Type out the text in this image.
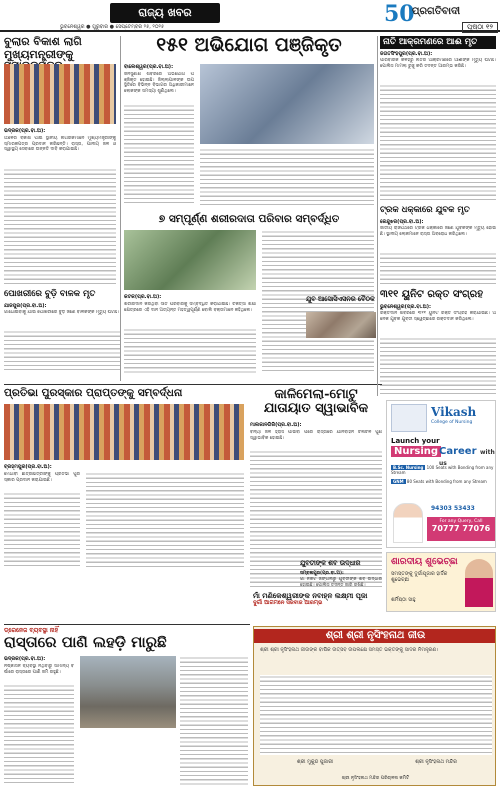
ରାଜ୍ୟ ଖବର
ଭୁବନେଶ୍ୱର ● ଗୁରୁବାର ● ସେପ୍ଟେମ୍ବର ୨୫, ୨୦୨୫	50
ପ୍ରଗତିବାଦୀ
ପୃଷ୍ଠା ୧୨
ବୁଲାର ବିକାଶ ଲାଗି
ମୁଖ୍ୟମନ୍ତ୍ରୀଙ୍କୁ
ଭଦ୍ରକ(ପ୍ର.ବା.ଅ):
ଅଞ୍ଚଳର ବିକାଶ ପାଇଁ ସ୍ଥାନୀୟ ନାଗରିକମାନେ ମୁଖ୍ୟମନ୍ତ୍ରୀଙ୍କୁ ସ୍ମାରକପତ୍ର ପ୍ରଦାନ କରିଛନ୍ତି। ରାସ୍ତା, ପାନୀୟ ଜଳ ଓ ସ୍ୱାସ୍ଥ୍ୟ ସେବାରେ ଉନ୍ନତି ଦାବି କରାଯାଇଛି।
୧୫୧ ଅଭିଯୋଗ ପଞ୍ଜିକୃତ
ବାଲେଶ୍ୱର(ପ୍ର.ବା.ଅ):
ଜନସୁଣାଣି ଶିବିରରେ ଅଭିଯୋଗ ପଞ୍ଜିକୃତ ହୋଇଛି। ଜିଲ୍ଲାପାଳଙ୍କ ଉପସ୍ଥିତିରେ ବିଭିନ୍ନ ବିଭାଗର ଅଧିକାରୀମାନେ ଲୋକଙ୍କ ସମସ୍ୟା ଶୁଣିଥିଲେ।
ନାତି ଆକ୍ରମଣରେ ଆଈ ମୃତ
ଜଗତସିଂହପୁର(ପ୍ର.ବା.ଅ):
ପାରିବାରିକ କଳହରୁ ନାତିର ଆକ୍ରମଣରେ ଆଈଙ୍କ ମୃତ୍ୟୁ ଘଟିଛି। ପୋଲିସ ମାମଲା ରୁଜୁ କରି ତଦନ୍ତ ଆରମ୍ଭ କରିଛି।
୭ ସମ୍ପୂର୍ଣ୍ଣ ଶରୀରଦାତା ପରିବାର ସମ୍ବର୍ଦ୍ଧିତ
କଟକ(ପ୍ର.ବା.ଅ):
ଶରୀରଦାନ କରିଥିବା ସାତ ପରିବାରକୁ ସମ୍ବର୍ଦ୍ଧିତ କରାଯାଇଛି। ଚିକିତ୍ସା ଶିକ୍ଷା କ୍ଷେତ୍ରରେ ଏହି ଦାନ ଅତ୍ୟନ୍ତ ମହତ୍ୱପୂର୍ଣ୍ଣ ବୋଲି ବକ୍ତାମାନେ କହିଥିଲେ।
ଟ୍ରକ ଧକ୍କାରେ ଯୁବକ ମୃତ
କେନ୍ଦୁଝର(ପ୍ର.ବା.ଅ):
ଜାତୀୟ ରାଜପଥରେ ଟ୍ରକ ଧକ୍କାରେ ଜଣେ ଯୁବକଙ୍କ ମୃତ୍ୟୁ ହୋଇଛି। ସ୍ଥାନୀୟ ଲୋକମାନେ ରାସ୍ତା ଅବରୋଧ କରିଥିଲେ।
ଯୁବ ଆସୋସିଏସନର ବୈଠକ ୩୧୧ ୟୁନିଟ ରକ୍ତ ସଂଗ୍ରହ
ଭୁବନେଶ୍ୱର(ପ୍ର.ବା.ଅ):
ରକ୍ତଦାନ ଶିବିରରେ ୩୧୧ ୟୁନିଟ ରକ୍ତ ସଂଗ୍ରହ କରାଯାଇଛି। ଅନେକ ଯୁବକ ଯୁବତୀ ସ୍ୱେଚ୍ଛାରେ ରକ୍ତଦାନ କରିଥିଲେ।
ପୋଖରୀରେ ବୁଡ଼ି ବାଳକ ମୃତ
ଯାଜପୁର(ପ୍ର.ବା.ଅ):
ଗାଧୋଇବାକୁ ଯାଇ ପୋଖରୀରେ ବୁଡ଼ି ଜଣେ ବାଳକଙ୍କ ମୃତ୍ୟୁ ଘଟିଛି।
ପ୍ରତିଭା ପୁରସ୍କାର ପ୍ରାପ୍ତଙ୍କୁ ସମ୍ବର୍ଦ୍ଧନା
ବ୍ରହ୍ମପୁର(ପ୍ର.ବା.ଅ):
ମେଧାବୀ ଛାତ୍ରଛାତ୍ରୀଙ୍କୁ ପ୍ରତିଭା ପୁରସ୍କାର ପ୍ରଦାନ କରାଯାଇଛି।
କାଳିମେଲା-ମୋଟୁ ଯାତାୟାତ ସ୍ୱାଭାବିକ
ମାଲକାନଗିରି(ପ୍ର.ବା.ଅ):
ବନ୍ୟା ଜଳ ହ୍ରାସ ପାଇବା ପରେ ରାସ୍ତାରେ ଯାନବାହନ ଚଳାଚଳ ପୁଣି ସ୍ୱାଭାବିକ ହୋଇଛି।
ଯୁବତୀଙ୍କ ଶବ ଉଦ୍ଧାର
ସମ୍ବଲପୁର(ପ୍ର.ବା.ଅ):
ଗାଁ ନିକଟ ଜଙ୍ଗଲରୁ ଯୁବତୀଙ୍କ ଶବ ଉଦ୍ଧାର ହୋଇଛି। ପୋଲିସ ତଦନ୍ତ ଜାରି ରଖିଛି।
ଡ୍ରେନେଜ ବ୍ୟବସ୍ଥା ନାହିଁ
ରାସ୍ତାରେ ପାଣି ଲହଡ଼ି ମାରୁଛି
ଭଦ୍ରକ(ପ୍ର.ବା.ଅ):
ନିଷ୍କାସନ ବ୍ୟବସ୍ଥା ନଥିବାରୁ ସାମାନ୍ୟ ବର୍ଷାରେ ରାସ୍ତାରେ ପାଣି ଜମି ରହୁଛି।
ମାଁ ମଣିକେଶ୍ୱରୀଙ୍କ ନବାହ୍ନ ଲକ୍ଷ୍ମୀ ପୂଜା
ଦୁର୍ଗା ଆଗମନେ ସଜବାଜ ଆରମ୍ଭ
Vikash
College of Nursing
Launch your
Nursing Career with us
B.Sc. Nursing 100 Seats with Bonding from any Stream
GNM 80 Seats with Bonding from any Stream
For any Query, Call
70777 77076
94303 53433
ଶାରଦୀୟ ଶୁଭେଚ୍ଛା
ସମସ୍ତଙ୍କୁ ଦୁର୍ଗାପୂଜାର ହାର୍ଦ୍ଦିକ ଶୁଭେଚ୍ଛା
ଶର୍ମିଷ୍ଠା ସାହୁ
ଶ୍ରୀ ଶ୍ରୀ ନୃସିଂହନାଥ ଜୀଉ
ଶ୍ରୀ ଶ୍ରୀ ନୃସିଂହନାଥ ଜୀଉଙ୍କ ବାର୍ଷିକ ଉତ୍ସବ ଉପଲକ୍ଷେ ସମସ୍ତ ଭକ୍ତଙ୍କୁ ସାଦର ନିମନ୍ତ୍ରଣ।
ଶ୍ରୀ ମୁକୁନ୍ଦ ପୁଜାରୀ	ଶ୍ରୀ ନୃସିଂହନାଥ ମନ୍ଦିର
ଶ୍ରୀ ନୃସିଂହନାଥ ମନ୍ଦିର ପରିଚାଳନା କମିଟି
